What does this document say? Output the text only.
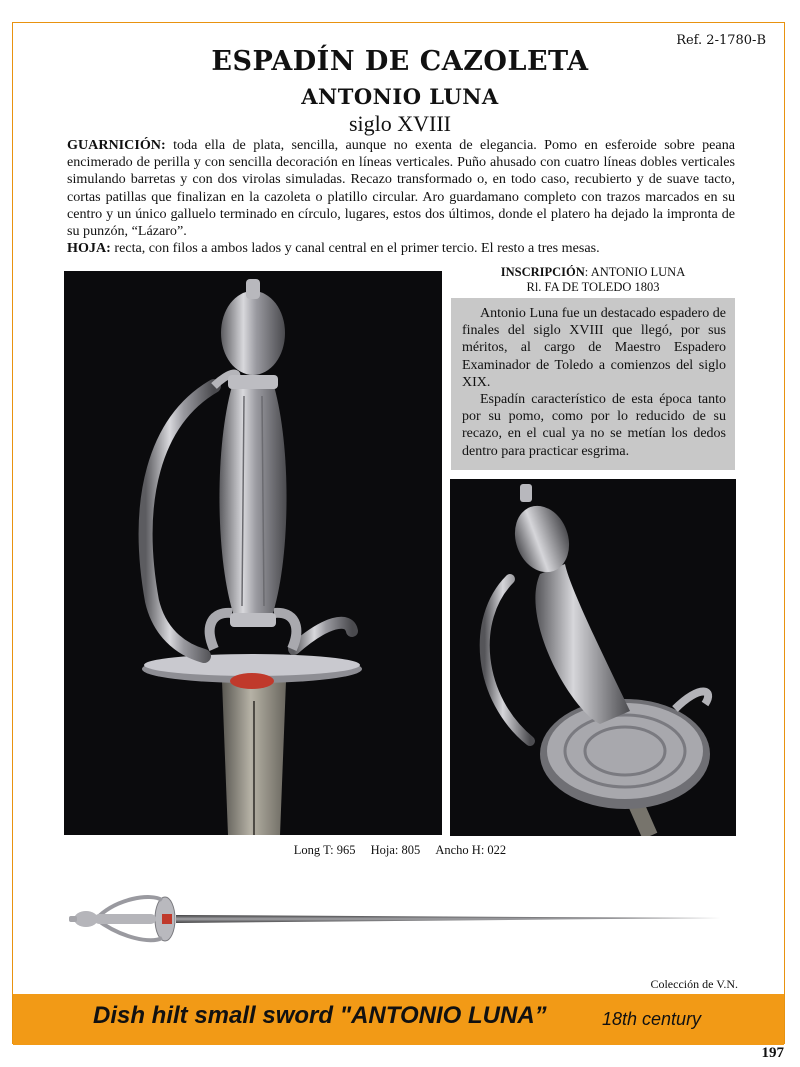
Ref. 2-1780-B
ESPADÍN DE CAZOLETA
ANTONIO LUNA
siglo XVIII
GUARNICIÓN: toda ella de plata, sencilla, aunque no exenta de elegancia. Pomo en esferoide sobre peana encimerado de perilla y con sencilla decoración en líneas verticales. Puño ahusado con cuatro líneas dobles verticales simulando barretas y con dos virolas simuladas. Recazo transformado o, en todo caso, recubierto y de suave tacto, cortas patillas que finalizan en la cazoleta o platillo circular. Aro guardamano completo con trazos marcados en su centro y un único galluelo terminado en círculo, lugares, estos dos últimos, donde el platero ha dejado la impronta de su punzón, “Lázaro”.
HOJA: recta, con filos a ambos lados y canal central en el primer tercio. El resto a tres mesas.
INSCRIPCIÓN: ANTONIO LUNA
Rl. FA DE TOLEDO 1803

Antonio Luna fue un destacado espadero de finales del siglo XVIII que llegó, por sus méritos, al cargo de Maestro Espadero Examinador de Toledo a comienzos del siglo XIX.

Espadín característico de esta época tanto por su pomo, como por lo reducido de su recazo, en el cual ya no se metían los dedos dentro para practicar esgrima.

Long T: 965 Hoja: 805 Ancho H: 022
Colección de V.N.
Dish hilt small sword "ANTONIO LUNA”	18th century
197
